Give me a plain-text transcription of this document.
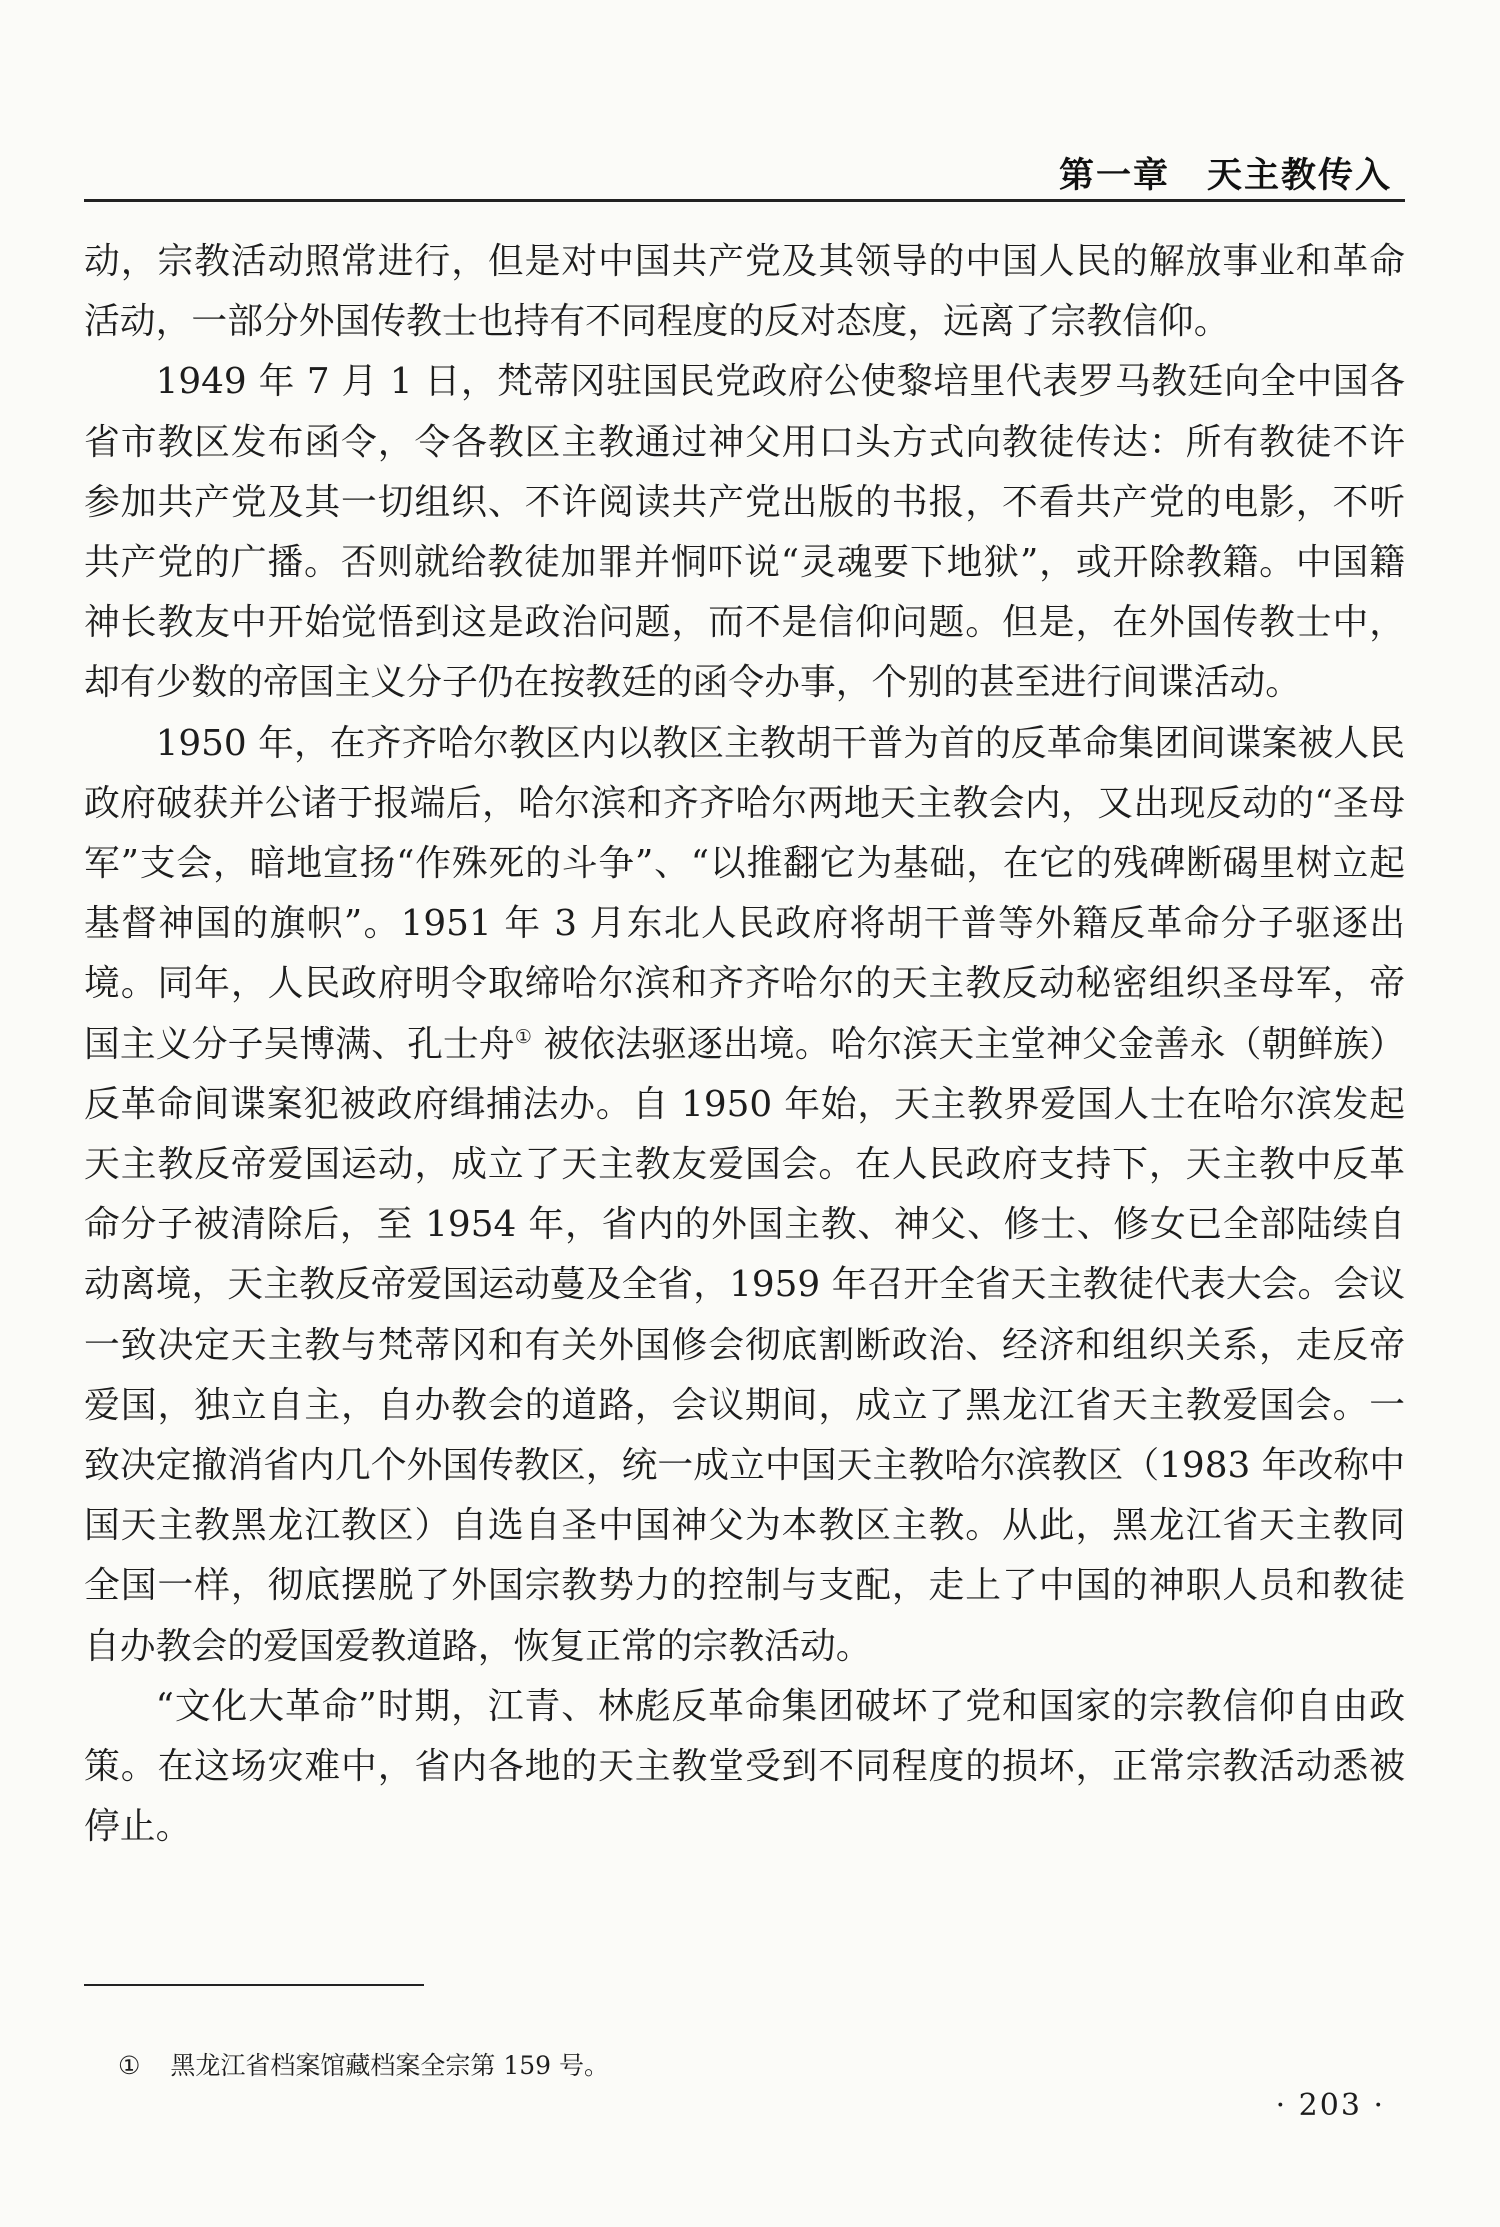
第一章　天主教传入

动，宗教活动照常进行，但是对中国共产党及其领导的中国人民的解放事业和革命活动，一部分外国传教士也持有不同程度的反对态度，远离了宗教信仰。

1949 年 7 月 1 日，梵蒂冈驻国民党政府公使黎培里代表罗马教廷向全中国各省市教区发布函令，令各教区主教通过神父用口头方式向教徒传达：所有教徒不许参加共产党及其一切组织、不许阅读共产党出版的书报，不看共产党的电影，不听共产党的广播。否则就给教徒加罪并恫吓说“灵魂要下地狱”，或开除教籍。中国籍神长教友中开始觉悟到这是政治问题，而不是信仰问题。但是，在外国传教士中，却有少数的帝国主义分子仍在按教廷的函令办事，个别的甚至进行间谍活动。

1950 年，在齐齐哈尔教区内以教区主教胡干普为首的反革命集团间谍案被人民政府破获并公诸于报端后，哈尔滨和齐齐哈尔两地天主教会内，又出现反动的“圣母军”支会，暗地宣扬“作殊死的斗争”、“以推翻它为基础，在它的残碑断碣里树立起基督神国的旗帜”。1951 年 3 月东北人民政府将胡干普等外籍反革命分子驱逐出境。同年，人民政府明令取缔哈尔滨和齐齐哈尔的天主教反动秘密组织圣母军，帝国主义分子吴博满、孔士舟① 被依法驱逐出境。哈尔滨天主堂神父金善永（朝鲜族）反革命间谍案犯被政府缉捕法办。自 1950 年始，天主教界爱国人士在哈尔滨发起天主教反帝爱国运动，成立了天主教友爱国会。在人民政府支持下，天主教中反革命分子被清除后，至 1954 年，省内的外国主教、神父、修士、修女已全部陆续自动离境，天主教反帝爱国运动蔓及全省，1959 年召开全省天主教徒代表大会。会议一致决定天主教与梵蒂冈和有关外国修会彻底割断政治、经济和组织关系，走反帝爱国，独立自主，自办教会的道路，会议期间，成立了黑龙江省天主教爱国会。一致决定撤消省内几个外国传教区，统一成立中国天主教哈尔滨教区（1983 年改称中国天主教黑龙江教区）自选自圣中国神父为本教区主教。从此，黑龙江省天主教同全国一样，彻底摆脱了外国宗教势力的控制与支配，走上了中国的神职人员和教徒自办教会的爱国爱教道路，恢复正常的宗教活动。

“文化大革命”时期，江青、林彪反革命集团破坏了党和国家的宗教信仰自由政策。在这场灾难中，省内各地的天主教堂受到不同程度的损坏，正常宗教活动悉被停止。

① 黑龙江省档案馆藏档案全宗第 159 号。
· 203 ·
